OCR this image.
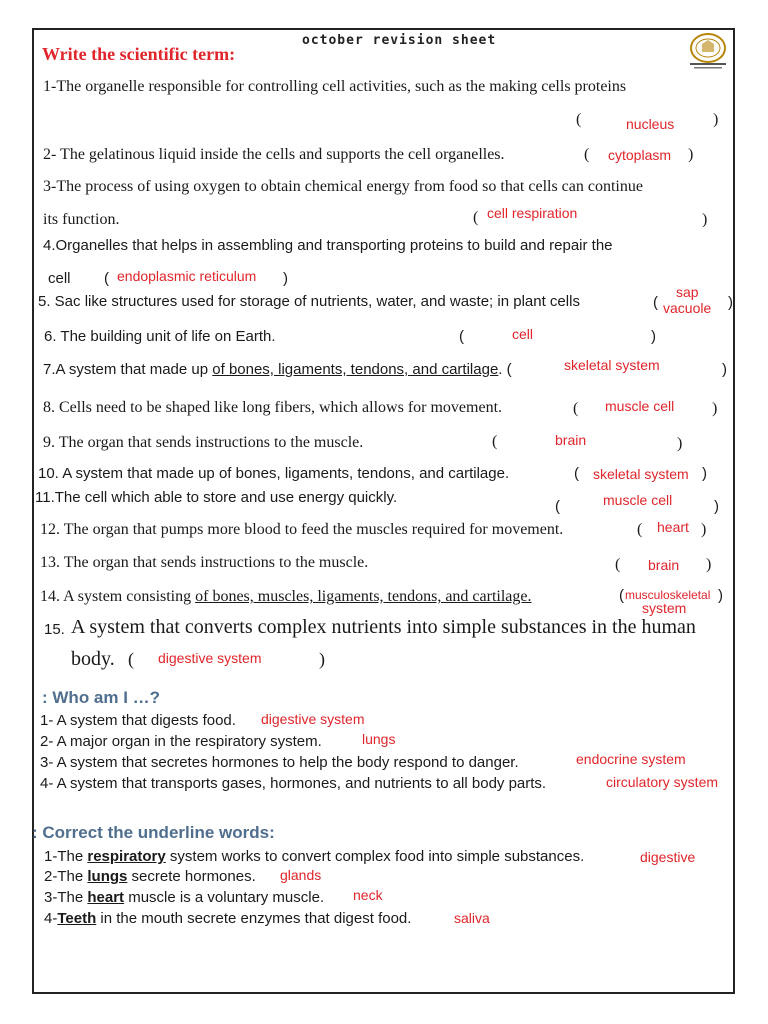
october revision sheet
Write the scientific term:
1-The organelle responsible for controlling cell activities, such as the making cells proteins
(	nucleus )
2- The gelatinous liquid inside the cells and supports the cell organelles.	( cytoplasm )
3-The process of using oxygen to obtain chemical energy from food so that cells can continue
its function.	( cell respiration	)
4.Organelles that helps in assembling and transporting proteins to build and repair the
cell ( endoplasmic reticulum )
5. Sac like structures used for storage of nutrients, water, and waste; in plant cells	(
sap
vacuole )
6. The building unit of life on Earth.	(	cell	)
7.A system that made up of bones, ligaments, tendons, and cartilage. (	skeletal system	)
8. Cells need to be shaped like long fibers, which allows for movement.	( muscle cell )
9. The organ that sends instructions to the muscle.	(	brain	)
10. A system that made up of bones, ligaments, tendons, and cartilage.	( skeletal system )
11.The cell which able to store and use energy quickly.
(	muscle cell	)
12. The organ that pumps more blood to feed the muscles required for movement.	( heart )
13. The organ that sends instructions to the muscle.	( brain )
14. A system consisting of bones, muscles, ligaments, tendons, and cartilage.	( musculoskeletal
system
)
15. A system that converts complex nutrients into simple substances in the human
body. ( digestive system	)
: Who am I …?
1- A system that digests food. digestive system
2- A major organ in the respiratory system.	lungs
3- A system that secretes hormones to help the body respond to danger.	endocrine system
4- A system that transports gases, hormones, and nutrients to all body parts.	circulatory system
: Correct the underline words:
1-The respiratory system works to convert complex food into simple substances.	digestive
2-The lungs secrete hormones. glands
3-The heart muscle is a voluntary muscle. neck
4-Teeth in the mouth secrete enzymes that digest food.	saliva
